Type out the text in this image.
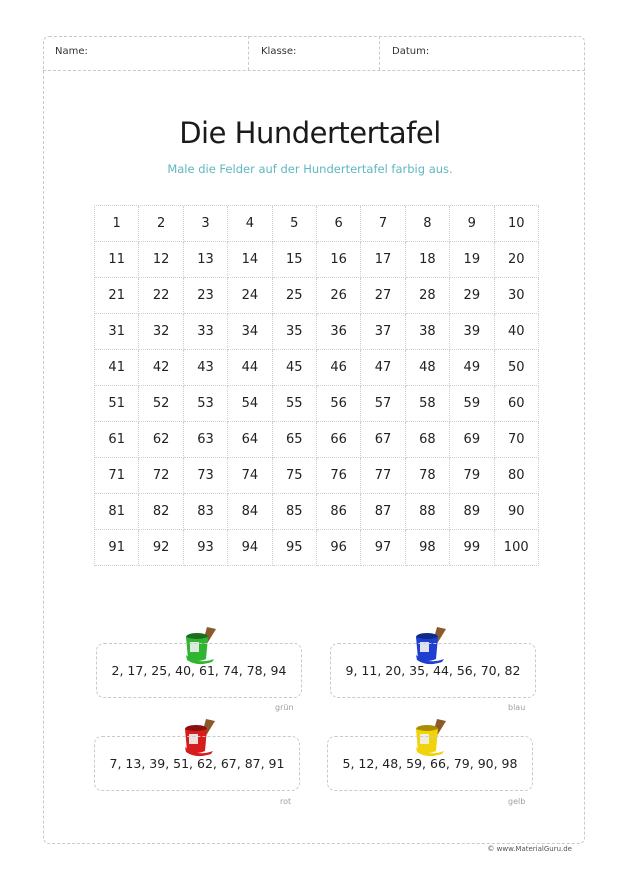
Name:	Klasse:	Datum:
Die Hundertertafel
Male die Felder auf der Hundertertafel farbig aus.
1	2	3	4	5	6	7	8	9	10
11	12	13	14	15	16	17	18	19	20
21	22	23	24	25	26	27	28	29	30
31	32	33	34	35	36	37	38	39	40
41	42	43	44	45	46	47	48	49	50
51	52	53	54	55	56	57	58	59	60
61	62	63	64	65	66	67	68	69	70
71	72	73	74	75	76	77	78	79	80
81	82	83	84	85	86	87	88	89	90
91	92	93	94	95	96	97	98	99	100
2, 17, 25, 40, 61, 74, 78, 94
grün
9, 11, 20, 35, 44, 56, 70, 82
blau
7, 13, 39, 51, 62, 67, 87, 91
rot
5, 12, 48, 59, 66, 79, 90, 98
gelb
© www.MaterialGuru.de
